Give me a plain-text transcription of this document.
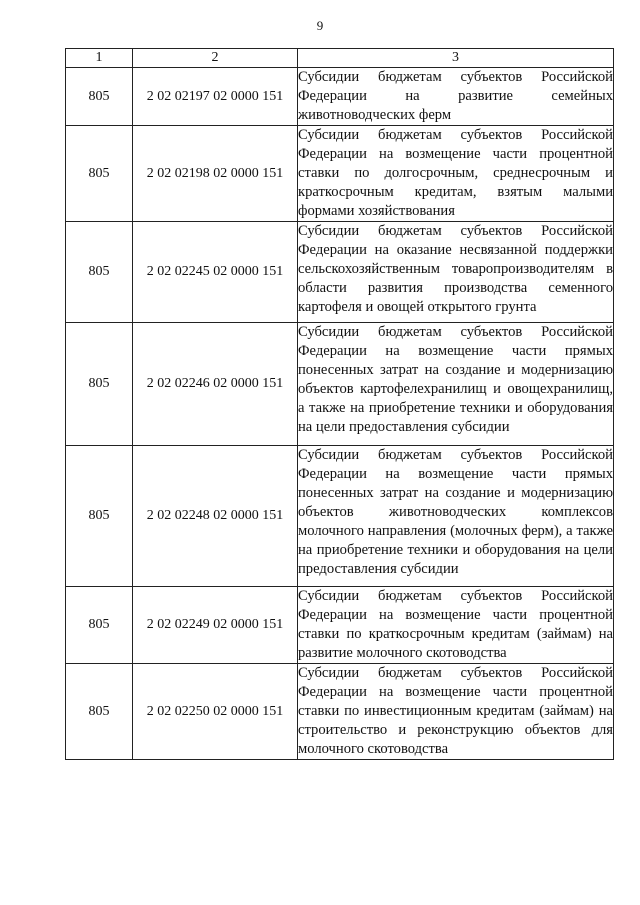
9
1	2	3
805	2 02 02197 02 0000 151	Субсидии бюджетам субъектов Российской Федерации на развитие семейных животноводческих ферм
805	2 02 02198 02 0000 151	Субсидии бюджетам субъектов Российской Федерации на возмещение части процентной ставки по долгосрочным, среднесрочным и краткосрочным кредитам, взятым малыми формами хозяйствования
805	2 02 02245 02 0000 151	Субсидии бюджетам субъектов Российской Федерации на оказание несвязанной поддержки сельскохозяйственным товаропроизводителям в области развития производства семенного картофеля и овощей открытого грунта
805	2 02 02246 02 0000 151	Субсидии бюджетам субъектов Российской Федерации на возмещение части прямых понесенных затрат на создание и модернизацию объектов картофелехранилищ и овощехранилищ, а также на приобретение техники и оборудования на цели предоставления субсидии
805	2 02 02248 02 0000 151	Субсидии бюджетам субъектов Российской Федерации на возмещение части прямых понесенных затрат на создание и модернизацию объектов животноводческих комплексов молочного направления (молочных ферм), а также на приобретение техники и оборудования на цели предоставления субсидии
805	2 02 02249 02 0000 151	Субсидии бюджетам субъектов Российской Федерации на возмещение части процентной ставки по краткосрочным кредитам (займам) на развитие молочного скотоводства
805	2 02 02250 02 0000 151	Субсидии бюджетам субъектов Российской Федерации на возмещение части процентной ставки по инвестиционным кредитам (займам) на строительство и реконструкцию объектов для молочного скотоводства
